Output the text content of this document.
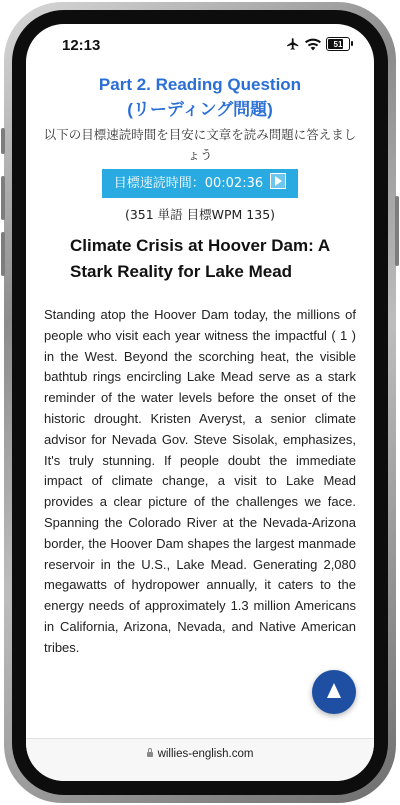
12:13	51
Part 2. Reading Question
(リーディング問題)
以下の目標速読時間を目安に文章を読み問題に答えましょう
目標速読時間：00:02:36
(351 単語 目標WPM 135)
Climate Crisis at Hoover Dam: A Stark Reality for Lake Mead

Standing atop the Hoover Dam today, the millions of people who visit each year witness the impactful ( 1 ) in the West. Beyond the scorching heat, the visible bathtub rings encircling Lake Mead serve as a stark reminder of the water levels before the onset of the historic drought. Kristen Averyst, a senior climate advisor for Nevada Gov. Steve Sisolak, emphasizes, It's truly stunning. If people doubt the immediate impact of climate change, a visit to Lake Mead provides a clear picture of the challenges we face. Spanning the Colorado River at the Nevada-Arizona border, the Hoover Dam shapes the largest manmade reservoir in the U.S., Lake Mead. Generating 2,080 megawatts of hydropower annually, it caters to the energy needs of approximately 1.3 million Americans in California, Arizona, Nevada, and Native American tribes.

willies-english.com
